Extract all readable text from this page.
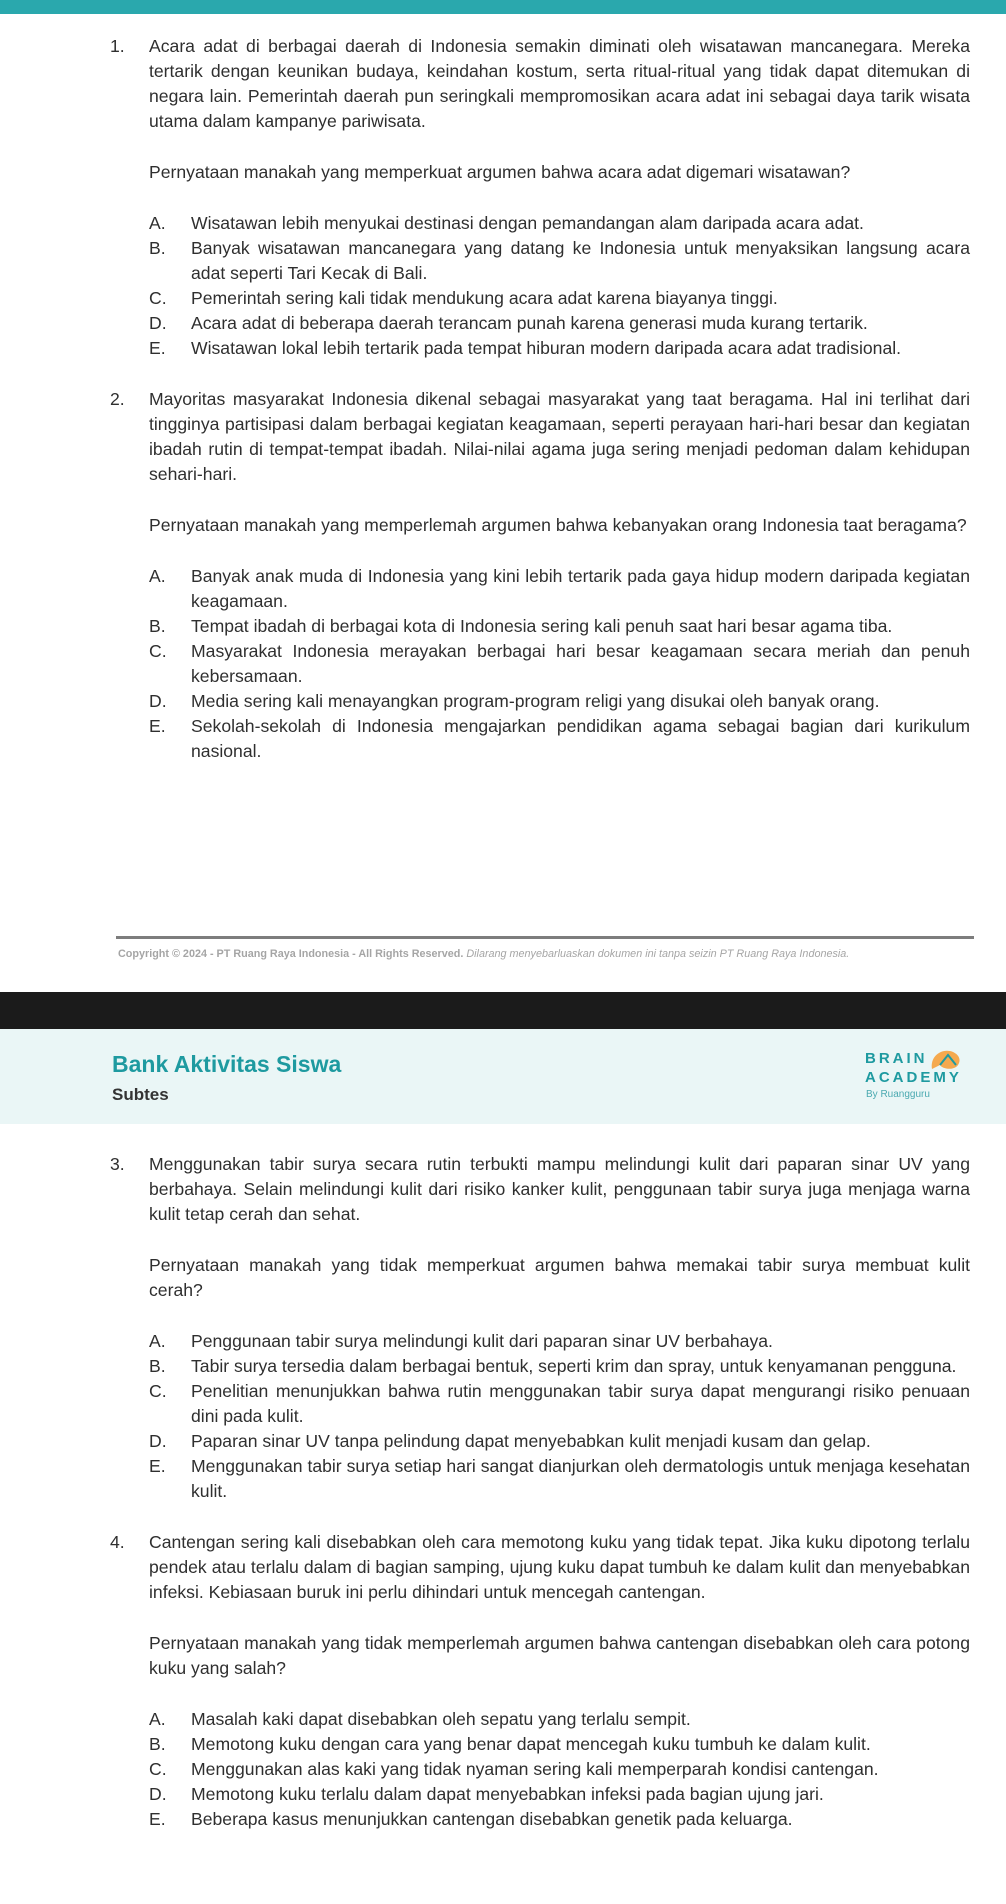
1. Acara adat di berbagai daerah di Indonesia semakin diminati oleh wisatawan mancanegara. Mereka tertarik dengan keunikan budaya, keindahan kostum, serta ritual-ritual yang tidak dapat ditemukan di negara lain. Pemerintah daerah pun seringkali mempromosikan acara adat ini sebagai daya tarik wisata utama dalam kampanye pariwisata.

Pernyataan manakah yang memperkuat argumen bahwa acara adat digemari wisatawan?

A. Wisatawan lebih menyukai destinasi dengan pemandangan alam daripada acara adat.
B. Banyak wisatawan mancanegara yang datang ke Indonesia untuk menyaksikan langsung acara adat seperti Tari Kecak di Bali.
C. Pemerintah sering kali tidak mendukung acara adat karena biayanya tinggi.
D. Acara adat di beberapa daerah terancam punah karena generasi muda kurang tertarik.
E. Wisatawan lokal lebih tertarik pada tempat hiburan modern daripada acara adat tradisional.
2. Mayoritas masyarakat Indonesia dikenal sebagai masyarakat yang taat beragama. Hal ini terlihat dari tingginya partisipasi dalam berbagai kegiatan keagamaan, seperti perayaan hari-hari besar dan kegiatan ibadah rutin di tempat-tempat ibadah. Nilai-nilai agama juga sering menjadi pedoman dalam kehidupan sehari-hari.

Pernyataan manakah yang memperlemah argumen bahwa kebanyakan orang Indonesia taat beragama?

A. Banyak anak muda di Indonesia yang kini lebih tertarik pada gaya hidup modern daripada kegiatan keagamaan.
B. Tempat ibadah di berbagai kota di Indonesia sering kali penuh saat hari besar agama tiba.
C. Masyarakat Indonesia merayakan berbagai hari besar keagamaan secara meriah dan penuh kebersamaan.
D. Media sering kali menayangkan program-program religi yang disukai oleh banyak orang.
E. Sekolah-sekolah di Indonesia mengajarkan pendidikan agama sebagai bagian dari kurikulum nasional.
Copyright © 2024 - PT Ruang Raya Indonesia - All Rights Reserved. Dilarang menyebarluaskan dokumen ini tanpa seizin PT Ruang Raya Indonesia.
3. Menggunakan tabir surya secara rutin terbukti mampu melindungi kulit dari paparan sinar UV yang berbahaya. Selain melindungi kulit dari risiko kanker kulit, penggunaan tabir surya juga menjaga warna kulit tetap cerah dan sehat.

Pernyataan manakah yang tidak memperkuat argumen bahwa memakai tabir surya membuat kulit cerah?

A. Penggunaan tabir surya melindungi kulit dari paparan sinar UV berbahaya.
B. Tabir surya tersedia dalam berbagai bentuk, seperti krim dan spray, untuk kenyamanan pengguna.
C. Penelitian menunjukkan bahwa rutin menggunakan tabir surya dapat mengurangi risiko penuaan dini pada kulit.
D. Paparan sinar UV tanpa pelindung dapat menyebabkan kulit menjadi kusam dan gelap.
E. Menggunakan tabir surya setiap hari sangat dianjurkan oleh dermatologis untuk menjaga kesehatan kulit.
4. Cantengan sering kali disebabkan oleh cara memotong kuku yang tidak tepat. Jika kuku dipotong terlalu pendek atau terlalu dalam di bagian samping, ujung kuku dapat tumbuh ke dalam kulit dan menyebabkan infeksi. Kebiasaan buruk ini perlu dihindari untuk mencegah cantengan.

Pernyataan manakah yang tidak memperlemah argumen bahwa cantengan disebabkan oleh cara potong kuku yang salah?

A. Masalah kaki dapat disebabkan oleh sepatu yang terlalu sempit.
B. Memotong kuku dengan cara yang benar dapat mencegah kuku tumbuh ke dalam kulit.
C. Menggunakan alas kaki yang tidak nyaman sering kali memperparah kondisi cantengan.
D. Memotong kuku terlalu dalam dapat menyebabkan infeksi pada bagian ujung jari.
E. Beberapa kasus menunjukkan cantengan disebabkan genetik pada keluarga.
Bank Aktivitas Siswa
Subtes
BRAIN
ACADEMY
By Ruangguru
